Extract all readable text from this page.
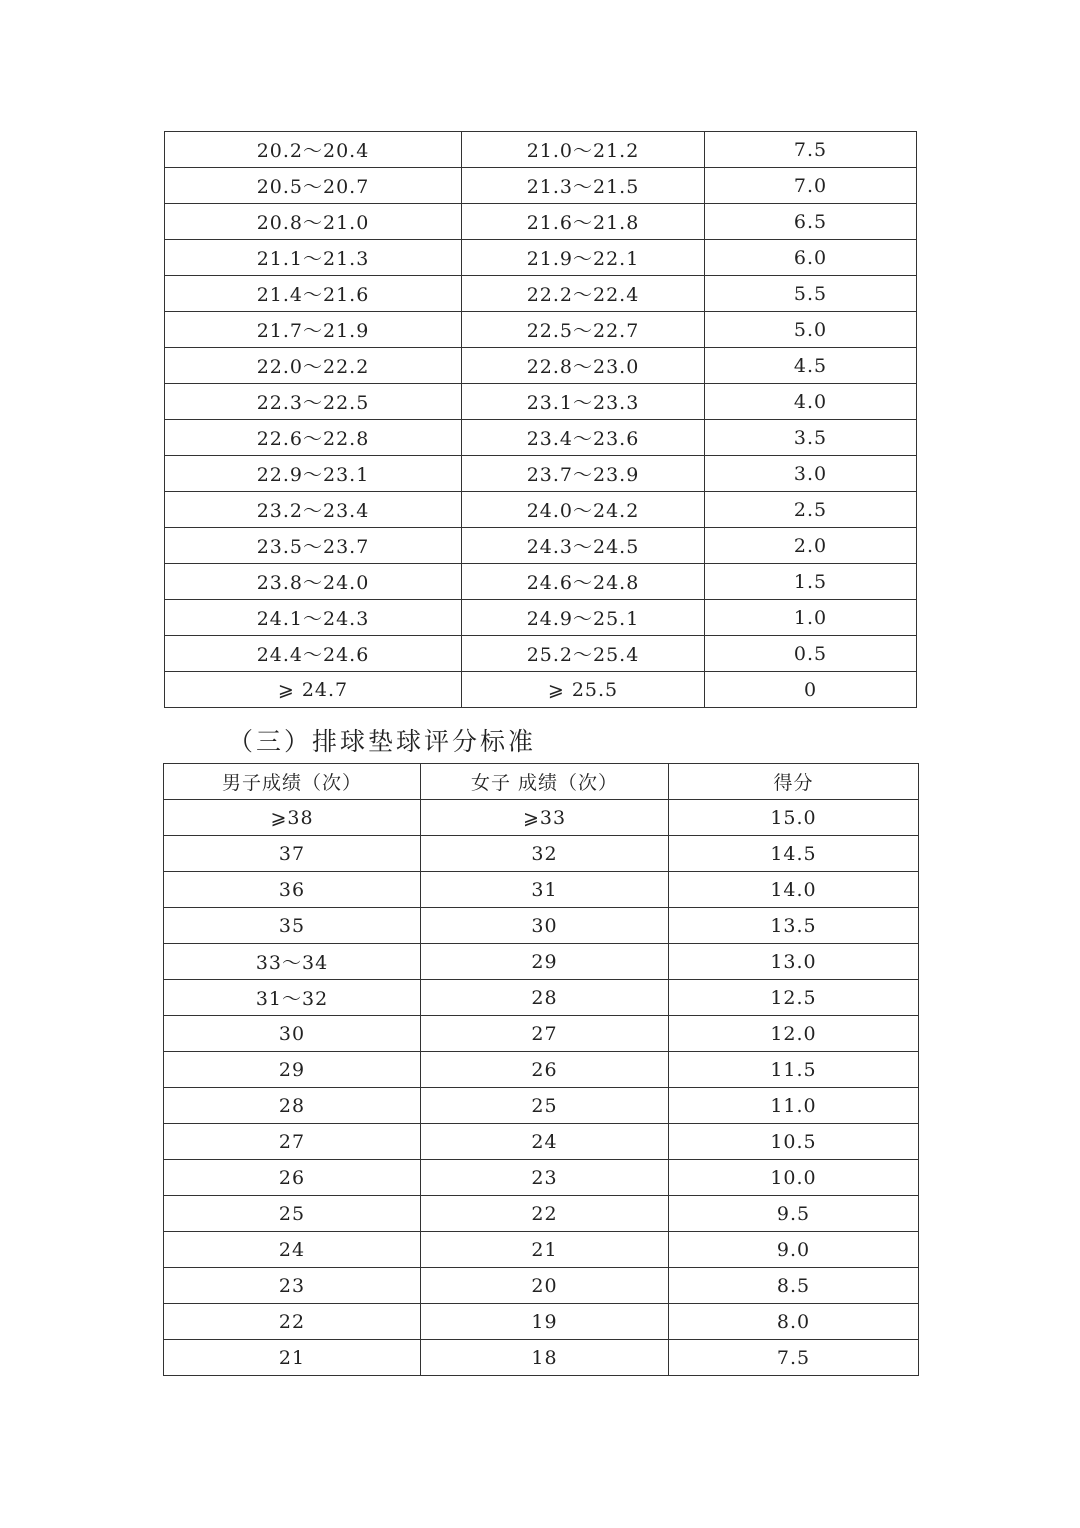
20.2～20.4	21.0～21.2	7.5
20.5～20.7	21.3～21.5	7.0
20.8～21.0	21.6～21.8	6.5
21.1～21.3	21.9～22.1	6.0
21.4～21.6	22.2～22.4	5.5
21.7～21.9	22.5～22.7	5.0
22.0～22.2	22.8～23.0	4.5
22.3～22.5	23.1～23.3	4.0
22.6～22.8	23.4～23.6	3.5
22.9～23.1	23.7～23.9	3.0
23.2～23.4	24.0～24.2	2.5
23.5～23.7	24.3～24.5	2.0
23.8～24.0	24.6～24.8	1.5
24.1～24.3	24.9～25.1	1.0
24.4～24.6	25.2～25.4	0.5
⩾ 24.7	⩾ 25.5	0
（三）排球垫球评分标准
男子成绩（次）	女子 成绩（次）	得分
⩾38	⩾33	15.0
37	32	14.5
36	31	14.0
35	30	13.5
33～34	29	13.0
31～32	28	12.5
30	27	12.0
29	26	11.5
28	25	11.0
27	24	10.5
26	23	10.0
25	22	9.5
24	21	9.0
23	20	8.5
22	19	8.0
21	18	7.5
